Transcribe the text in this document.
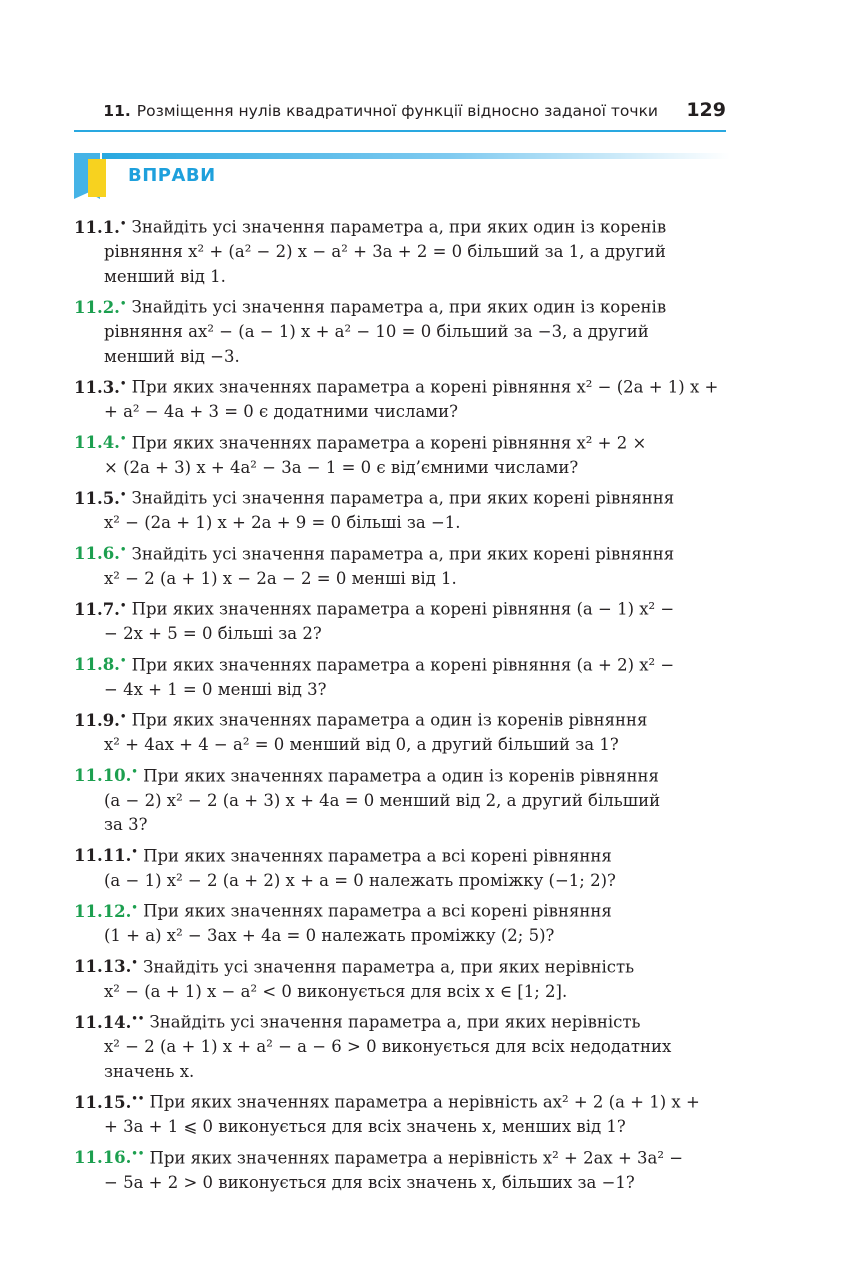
11. Розміщення нулів квадратичної функції відносно заданої точки 129
ВПРАВИ
11.1.• Знайдіть усі значення параметра a, при яких один із коренів
рівняння x² + (a² − 2) x − a² + 3a + 2 = 0 більший за 1, а другий
менший від 1.
11.2.• Знайдіть усі значення параметра a, при яких один із коренів
рівняння ax² − (a − 1) x + a² − 10 = 0 більший за −3, а другий
менший від −3.
11.3.• При яких значеннях параметра a корені рівняння x² − (2a + 1) x +
+ a² − 4a + 3 = 0 є додатними числами?
11.4.• При яких значеннях параметра a корені рівняння x² + 2 ×
× (2a + 3) x + 4a² − 3a − 1 = 0 є від’ємними числами?
11.5.• Знайдіть усі значення параметра a, при яких корені рівняння
x² − (2a + 1) x + 2a + 9 = 0 більші за −1.
11.6.• Знайдіть усі значення параметра a, при яких корені рівняння
x² − 2 (a + 1) x − 2a − 2 = 0 менші від 1.
11.7.• При яких значеннях параметра a корені рівняння (a − 1) x² −
− 2x + 5 = 0 більші за 2?
11.8.• При яких значеннях параметра a корені рівняння (a + 2) x² −
− 4x + 1 = 0 менші від 3?
11.9.• При яких значеннях параметра a один із коренів рівняння
x² + 4ax + 4 − a² = 0 менший від 0, а другий більший за 1?
11.10.• При яких значеннях параметра a один із коренів рівняння
(a − 2) x² − 2 (a + 3) x + 4a = 0 менший від 2, а другий більший
за 3?
11.11.• При яких значеннях параметра a всі корені рівняння
(a − 1) x² − 2 (a + 2) x + a = 0 належать проміжку (−1; 2)?
11.12.• При яких значеннях параметра a всі корені рівняння
(1 + a) x² − 3ax + 4a = 0 належать проміжку (2; 5)?
11.13.• Знайдіть усі значення параметра a, при яких нерівність
x² − (a + 1) x − a² < 0 виконується для всіх x ∈ [1; 2].
11.14.•• Знайдіть усі значення параметра a, при яких нерівність
x² − 2 (a + 1) x + a² − a − 6 > 0 виконується для всіх недодатних
значень x.
11.15.•• При яких значеннях параметра a нерівність ax² + 2 (a + 1) x +
+ 3a + 1 ⩽ 0 виконується для всіх значень x, менших від 1?
11.16.•• При яких значеннях параметра a нерівність x² + 2ax + 3a² −
− 5a + 2 > 0 виконується для всіх значень x, більших за −1?
